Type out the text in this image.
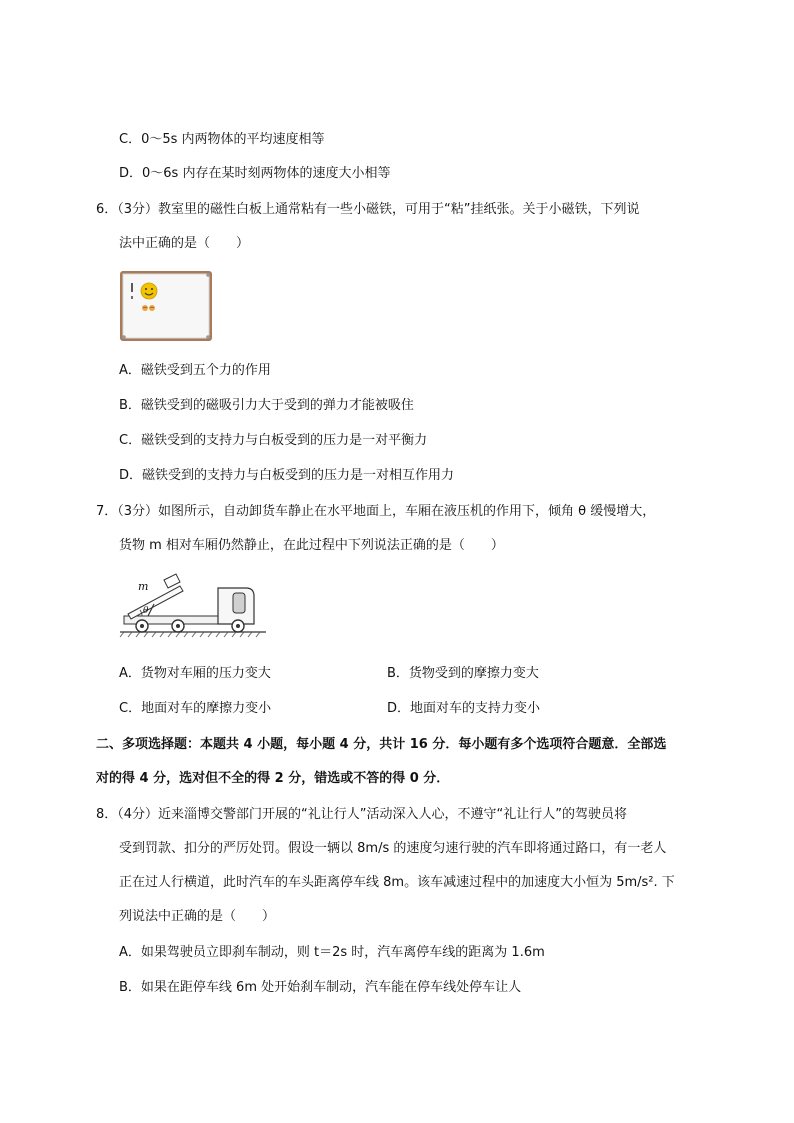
C．0～5s 内两物体的平均速度相等
D．0～6s 内存在某时刻两物体的速度大小相等
6．（3分）教室里的磁性白板上通常粘有一些小磁铁，可用于“粘”挂纸张。关于小磁铁，下列说
法中正确的是（　　）
A．磁铁受到五个力的作用
B．磁铁受到的磁吸引力大于受到的弹力才能被吸住
C．磁铁受到的支持力与白板受到的压力是一对平衡力
D．磁铁受到的支持力与白板受到的压力是一对相互作用力
7．（3分）如图所示，自动卸货车静止在水平地面上，车厢在液压机的作用下，倾角 θ 缓慢增大，
货物 m 相对车厢仍然静止，在此过程中下列说法正确的是（　　）
m
θ
A．货物对车厢的压力变大	B．货物受到的摩擦力变大
C．地面对车的摩擦力变小	D．地面对车的支持力变小
二、多项选择题：本题共 4 小题，每小题 4 分，共计 16 分．每小题有多个选项符合题意．全部选
对的得 4 分，选对但不全的得 2 分，错选或不答的得 0 分．
8．（4分）近来淄博交警部门开展的“礼让行人”活动深入人心，不遵守“礼让行人”的驾驶员将
受到罚款、扣分的严厉处罚。假设一辆以 8m/s 的速度匀速行驶的汽车即将通过路口，有一老人
正在过人行横道，此时汽车的车头距离停车线 8m。该车减速过程中的加速度大小恒为 5m/s². 下
列说法中正确的是（　　）
A．如果驾驶员立即刹车制动，则 t＝2s 时，汽车离停车线的距离为 1.6m
B．如果在距停车线 6m 处开始刹车制动，汽车能在停车线处停车让人
